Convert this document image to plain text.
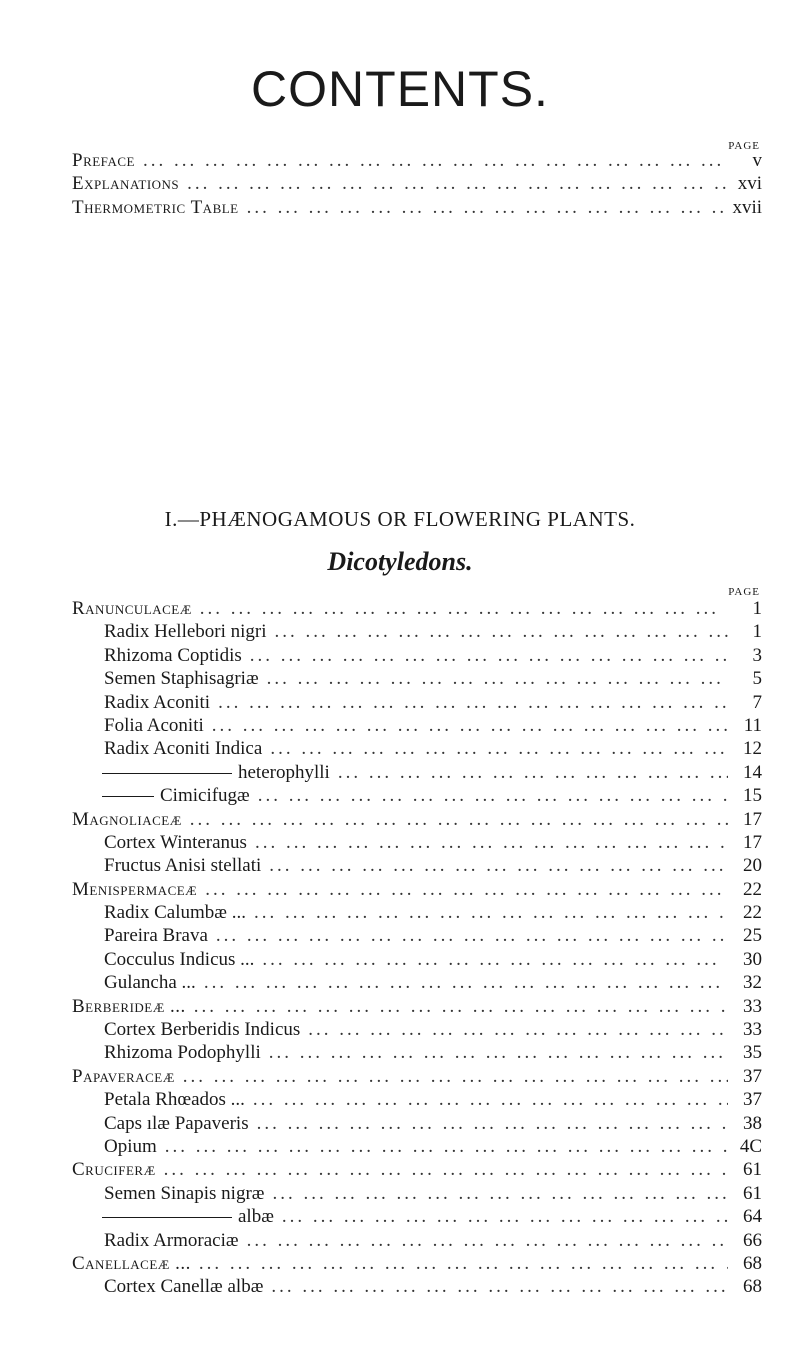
CONTENTS.
PAGE
Preface ... .	v
Explanations ... .	xvi
Thermometric Table ... .	xvii
I.—PHÆNOGAMOUS OR FLOWERING PLANTS.
Dicotyledons.
PAGE
Ranunculaceæ ... .	1
Radix Hellebori nigri ... .	1
Rhizoma Coptidis ... .	3
Semen Staphisagriæ ... .	5
Radix Aconiti ... .	7
Folia Aconiti ... .	11
Radix Aconiti Indica ... .	12
heterophylli ... .	14
Cimicifugæ ... .	15
Magnoliaceæ ... .	17
Cortex Winteranus ... .	17
Fructus Anisi stellati ... .	20
Menispermaceæ ... .	22
Radix Calumbæ ... ... .	22
Pareira Brava ... .	25
Cocculus Indicus ... ... .	30
Gulancha ... ... .	32
Berberideæ ... ... .	33
Cortex Berberidis Indicus ... .	33
Rhizoma Podophylli ... .	35
Papaveraceæ ... .	37
Petala Rhœados ... ... .	37
Caps ılæ Papaveris ... .	38
Opium ... .	4C
Cruciferæ ... .	61
Semen Sinapis nigræ ... .	61
albæ ... .	64
Radix Armoraciæ ... .	66
Canellaceæ ... ... .	68
Cortex Canellæ albæ ... .	68
